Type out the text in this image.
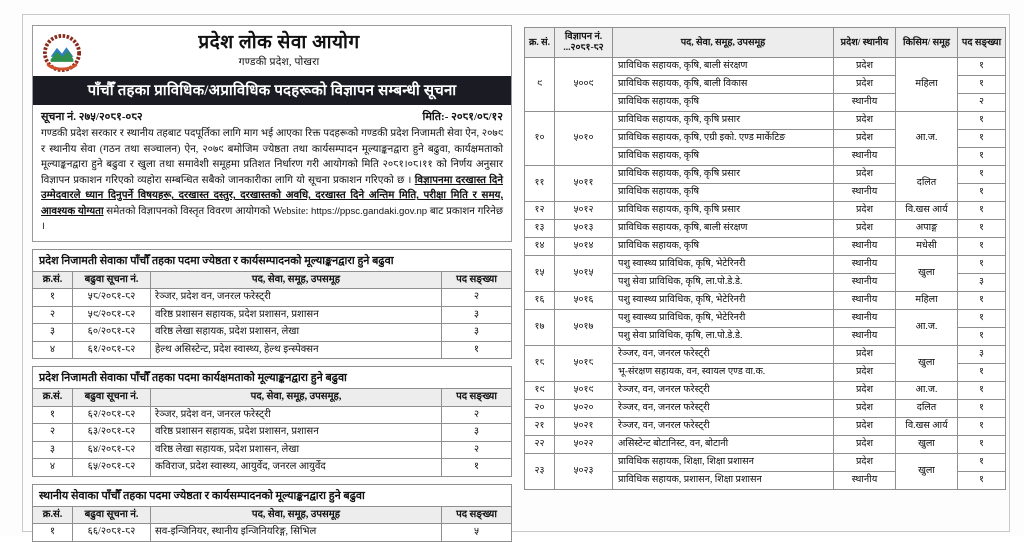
प्रदेश लोक सेवा आयोग
गण्डकी प्रदेश, पोखरा
पाँचौँ तहका प्राविधिक/अप्राविधिक पदहरूको विज्ञापन सम्बन्धी सूचना
सूचना नं. २७५/२०८१-०८२	मिति:- २०८१/०८/१२
गण्डकी प्रदेश सरकार र स्थानीय तहबाट पदपूर्तिका लागि माग भई आएका रिक्त पदहरूको गण्डकी प्रदेश निजामती सेवा ऐन, २०७९ र स्थानीय सेवा (गठन तथा सञ्चालन) ऐन, २०७९ बमोजिम ज्येष्ठता तथा कार्यसम्पादन मूल्याङ्कनद्वारा हुने बढुवा, कार्यक्षमताको मूल्याङ्कनद्वारा हुने बढुवा र खुला तथा समावेशी समूहमा प्रतिशत निर्धारण गरी आयोगको मिति २०८१।०८।११ को निर्णय अनुसार विज्ञापन प्रकाशन गरिएको व्यहोरा सम्बन्धित सबैको जानकारीका लागि यो सूचना प्रकाशन गरिएको छ । विज्ञापनमा दरखास्त दिने उम्मेदवारले ध्यान दिनुपर्ने विषयहरू, दरखास्त दस्तुर, दरखास्तको अवधि, दरखास्त दिने अन्तिम मिति, परीक्षा मिति र समय, आवश्यक योग्यता समेतको विज्ञापनको विस्तृत विवरण आयोगको Website: https://ppsc.gandaki.gov.np बाट प्रकाशन गरिनेछ ।
प्रदेश निजामती सेवाका पाँचौँ तहका पदमा ज्येष्ठता र कार्यसम्पादनको मूल्याङ्कनद्वारा हुने बढुवा
क्र.सं.	बढुवा सूचना नं.	पद, सेवा, समूह, उपसमूह	पद सङ्ख्या
१	५८/२०८१-८२	रेञ्जर, प्रदेश वन, जनरल फरेस्ट्री	२
२	५९/२०८१-८२	वरिष्ठ प्रशासन सहायक, प्रदेश प्रशासन, प्रशासन	३
३	६०/२०८१-८२	वरिष्ठ लेखा सहायक, प्रदेश प्रशासन, लेखा	३
४	६१/२०८१-८२	हेल्थ असिस्टेन्ट, प्रदेश स्वास्थ्य, हेल्थ इन्स्पेक्सन	१
प्रदेश निजामती सेवाका पाँचौँ तहका पदमा कार्यक्षमताको मूल्याङ्कनद्वारा हुने बढुवा
क्र.सं.	बढुवा सूचना नं.	पद, सेवा, समूह, उपसमूह,	पद सङ्ख्या
१	६२/२०८१-८२	रेञ्जर, प्रदेश वन, जनरल फरेस्ट्री	२
२	६३/२०८१-८२	वरिष्ठ प्रशासन सहायक, प्रदेश प्रशासन, प्रशासन	३
३	६४/२०८१-८२	वरिष्ठ लेखा सहायक, प्रदेश प्रशासन, लेखा	२
४	६५/२०८१-८२	कविराज, प्रदेश स्वास्थ्य, आयुर्वेद, जनरल आयुर्वेद	१
स्थानीय सेवाका पाँचौँ तहका पदमा ज्येष्ठता र कार्यसम्पादनको मूल्याङ्कनद्वारा हुने बढुवा
क्र.सं.	बढुवा सूचना नं.	पद, सेवा, समूह, उपसमूह	पद सङ्ख्या
१	६६/२०८१-८२	सव-इन्जिनियर, स्थानीय इन्जिनियरिङ्ग, सिभिल	५
क्र. सं.	विज्ञापन नं. ...२०८१-८२	पद, सेवा, समूह, उपसमूह	प्रदेश/ स्थानीय	किसिम/ समूह	पद सङ्ख्या
९	५००९	प्राविधिक सहायक, कृषि, बाली संरक्षण	प्रदेश	महिला	१
		प्राविधिक सहायक, कृषि, बाली विकास	प्रदेश		१
		प्राविधिक सहायक, कृषि	स्थानीय		२
१०	५०१०	प्राविधिक सहायक, कृषि, कृषि प्रसार	प्रदेश	आ.ज.	१
		प्राविधिक सहायक, कृषि, एग्री इको. एण्ड मार्केटिङ	प्रदेश		१
		प्राविधिक सहायक, कृषि	स्थानीय		१
११	५०११	प्राविधिक सहायक, कृषि, कृषि प्रसार	प्रदेश	दलित	१
		प्राविधिक सहायक, कृषि	स्थानीय		१
१२	५०१२	प्राविधिक सहायक, कृषि, कृषि प्रसार	प्रदेश	वि.खस आर्य	१
१३	५०१३	प्राविधिक सहायक, कृषि, बाली संरक्षण	प्रदेश	अपाङ्ग	१
१४	५०१४	प्राविधिक सहायक, कृषि	स्थानीय	मधेसी	१
१५	५०१५	पशु स्वास्थ्य प्राविधिक, कृषि, भेटेरिनरी	स्थानीय	खुला	१
		पशु सेवा प्राविधिक, कृषि, ला.पो.डे.डे.	स्थानीय		३
१६	५०१६	पशु स्वास्थ्य प्राविधिक, कृषि, भेटेरिनरी	स्थानीय	महिला	१
१७	५०१७	पशु स्वास्थ्य प्राविधिक, कृषि, भेटेरिनरी	स्थानीय	आ.ज.	१
		पशु सेवा प्राविधिक, कृषि, ला.पो.डे.डे.	स्थानीय		१
१८	५०१८	रेञ्जर, वन, जनरल फरेस्ट्री	प्रदेश	खुला	३
		भू-संरक्षण सहायक, वन, स्वायल एण्ड वा.क.	प्रदेश		१
१९	५०१९	रेञ्जर, वन, जनरल फरेस्ट्री	प्रदेश	आ.ज.	१
२०	५०२०	रेञ्जर, वन, जनरल फरेस्ट्री	प्रदेश	दलित	१
२१	५०२१	रेञ्जर, वन, जनरल फरेस्ट्री	प्रदेश	वि.खस आर्य	१
२२	५०२२	असिस्टेन्ट बोटानिस्ट, वन, बोटानी	प्रदेश	खुला	१
२३	५०२३	प्राविधिक सहायक, शिक्षा, शिक्षा प्रशासन	प्रदेश	खुला	१
		प्राविधिक सहायक, प्रशासन, शिक्षा प्रशासन	स्थानीय		१
